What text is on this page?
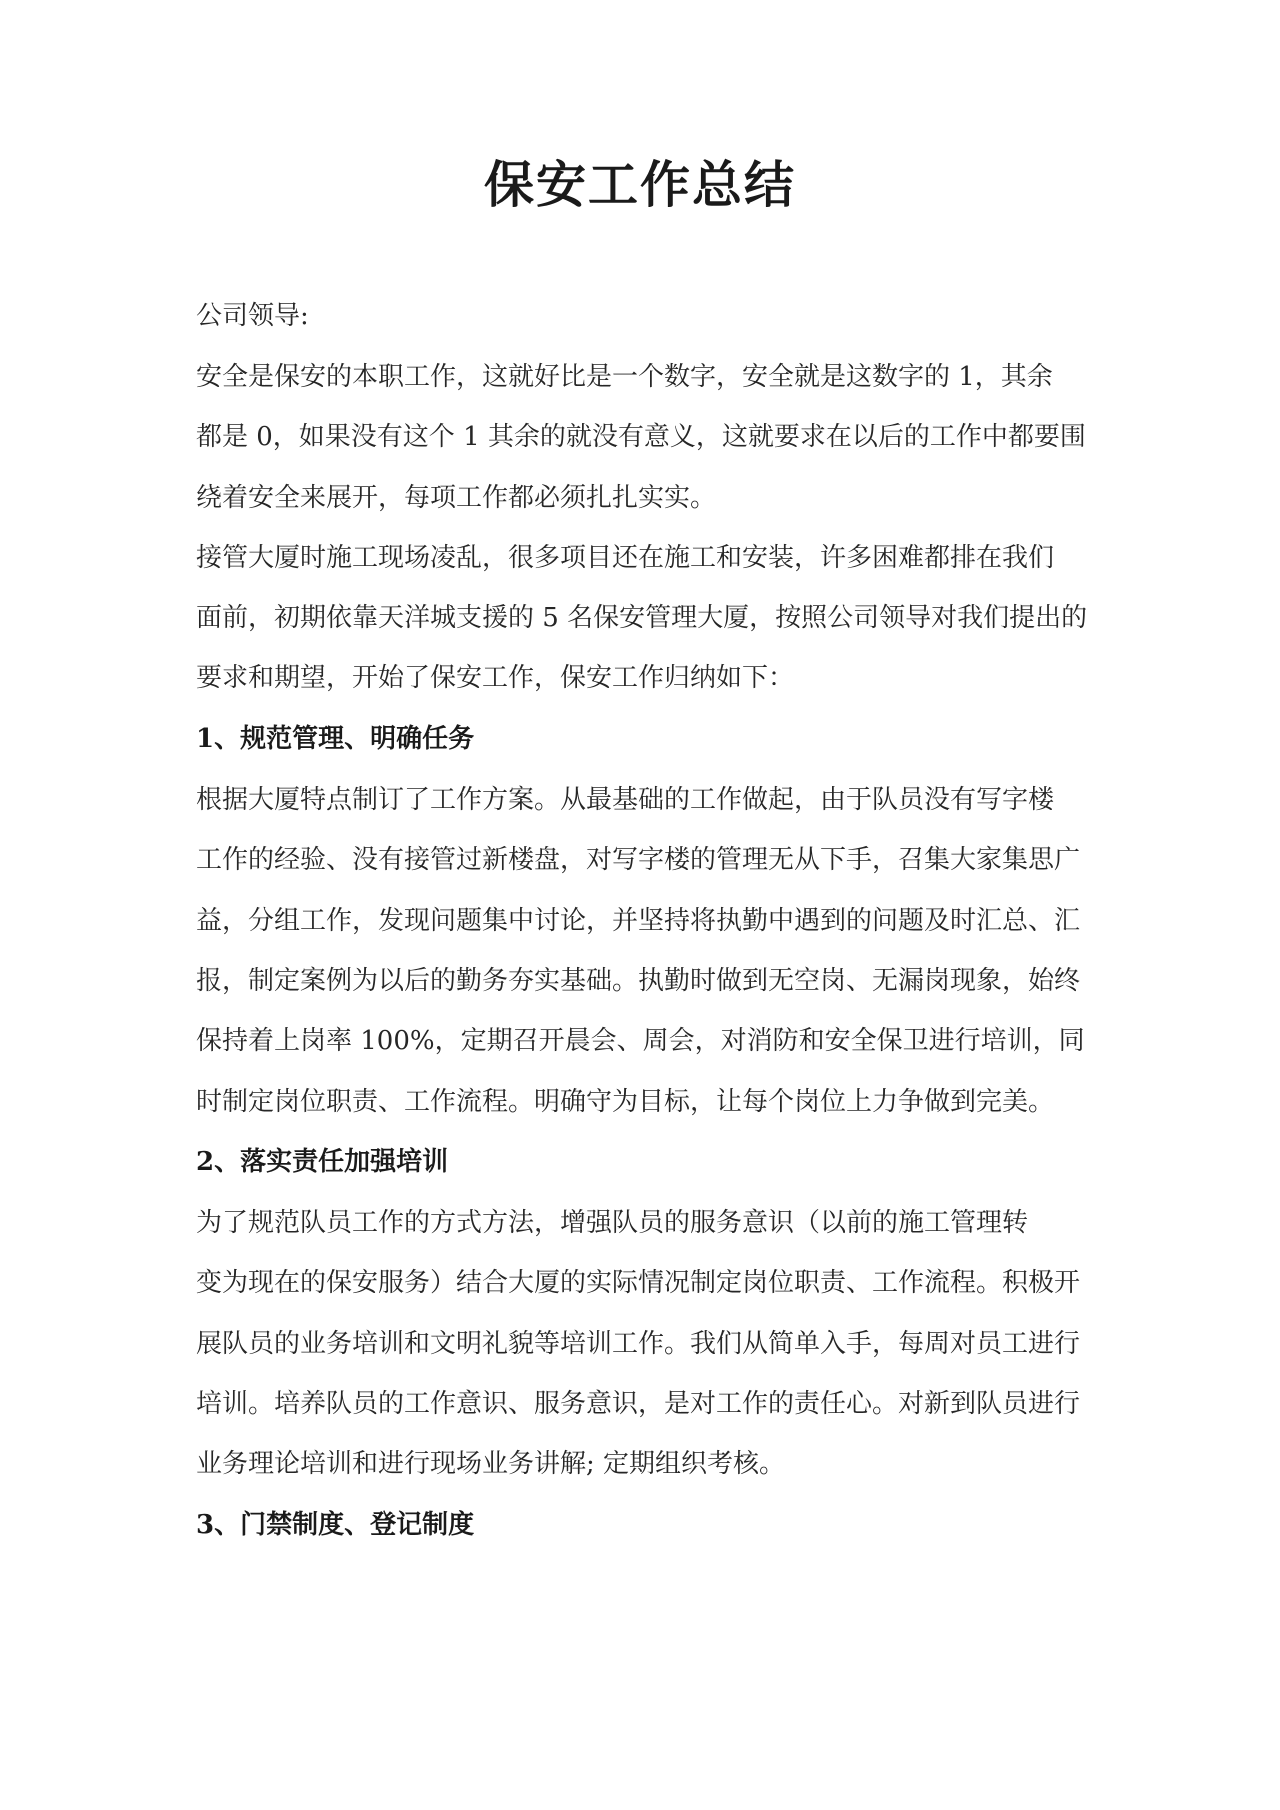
保安工作总结
公司领导:
安全是保安的本职工作，这就好比是一个数字，安全就是这数字的 1，其余
都是 0，如果没有这个 1 其余的就没有意义，这就要求在以后的工作中都要围
绕着安全来展开，每项工作都必须扎扎实实。
接管大厦时施工现场凌乱，很多项目还在施工和安装，许多困难都排在我们
面前，初期依靠天洋城支援的 5 名保安管理大厦，按照公司领导对我们提出的
要求和期望，开始了保安工作，保安工作归纳如下：
1、规范管理、明确任务
根据大厦特点制订了工作方案。从最基础的工作做起，由于队员没有写字楼
工作的经验、没有接管过新楼盘，对写字楼的管理无从下手，召集大家集思广
益，分组工作，发现问题集中讨论，并坚持将执勤中遇到的问题及时汇总、汇
报，制定案例为以后的勤务夯实基础。执勤时做到无空岗、无漏岗现象，始终
保持着上岗率 100%，定期召开晨会、周会，对消防和安全保卫进行培训，同
时制定岗位职责、工作流程。明确守为目标，让每个岗位上力争做到完美。
2、落实责任加强培训
为了规范队员工作的方式方法，增强队员的服务意识（以前的施工管理转
变为现在的保安服务）结合大厦的实际情况制定岗位职责、工作流程。积极开
展队员的业务培训和文明礼貌等培训工作。我们从简单入手，每周对员工进行
培训。培养队员的工作意识、服务意识，是对工作的责任心。对新到队员进行
业务理论培训和进行现场业务讲解; 定期组织考核。
3、门禁制度、登记制度
